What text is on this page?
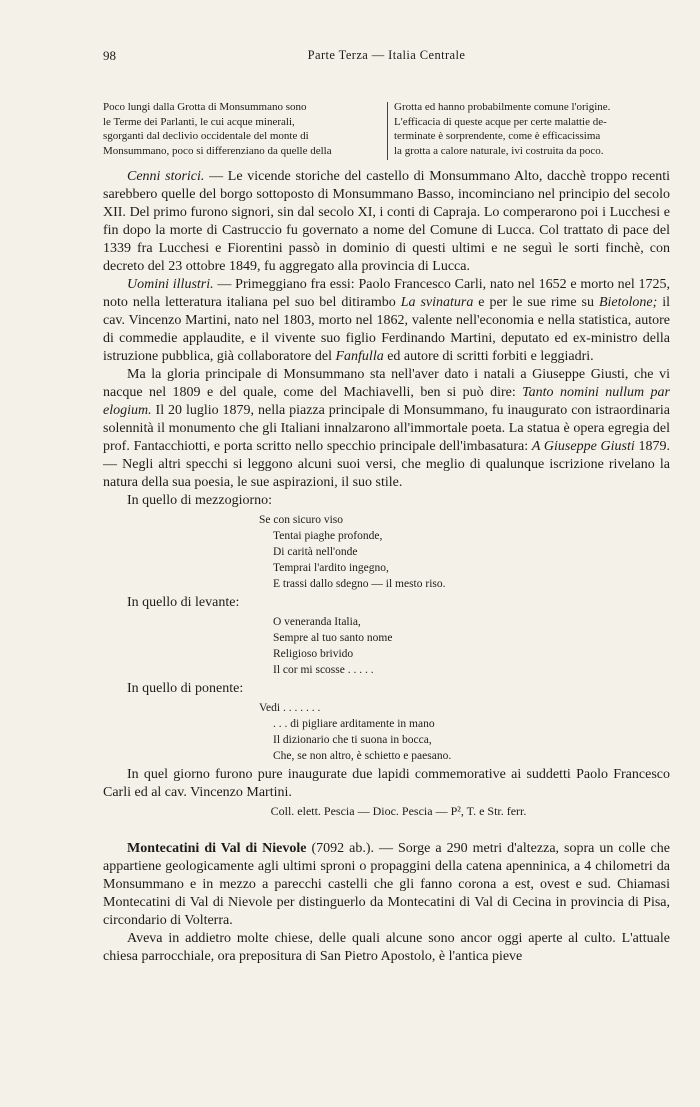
98	Parte Terza — Italia Centrale
Poco lungi dalla Grotta di Monsummano sono
le Terme dei Parlanti, le cui acque minerali,
sgorganti dal declivio occidentale del monte di
Monsummano, poco si differenziano da quelle della
Grotta ed hanno probabilmente comune l'origine.
L'efficacia di queste acque per certe malattie de-
terminate è sorprendente, come è efficacissima
la grotta a calore naturale, ivi costruita da poco.

Cenni storici. — Le vicende storiche del castello di Monsummano Alto, dacchè troppo recenti sarebbero quelle del borgo sottoposto di Monsummano Basso, incominciano nel principio del secolo XII. Del primo furono signori, sin dal secolo XI, i conti di Capraja. Lo comperarono poi i Lucchesi e fin dopo la morte di Castruccio fu governato a nome del Comune di Lucca. Col trattato di pace del 1339 fra Lucchesi e Fiorentini passò in dominio di questi ultimi e ne seguì le sorti finchè, con decreto del 23 ottobre 1849, fu aggregato alla provincia di Lucca.

Uomini illustri. — Primeggiano fra essi: Paolo Francesco Carli, nato nel 1652 e morto nel 1725, noto nella letteratura italiana pel suo bel ditirambo La svinatura e per le sue rime su Bietolone; il cav. Vincenzo Martini, nato nel 1803, morto nel 1862, valente nell'economia e nella statistica, autore di commedie applaudite, e il vivente suo figlio Ferdinando Martini, deputato ed ex-ministro della istruzione pubblica, già collaboratore del Fanfulla ed autore di scritti forbiti e leggiadri.

Ma la gloria principale di Monsummano sta nell'aver dato i natali a Giuseppe Giusti, che vi nacque nel 1809 e del quale, come del Machiavelli, ben si può dire: Tanto nomini nullum par elogium. Il 20 luglio 1879, nella piazza principale di Monsummano, fu inaugurato con istraordinaria solennità il monumento che gli Italiani innalzarono all'immortale poeta. La statua è opera egregia del prof. Fantacchiotti, e porta scritto nello specchio principale dell'imbasatura: A Giuseppe Giusti 1879. — Negli altri specchi si leggono alcuni suoi versi, che meglio di qualunque iscrizione rivelano la natura della sua poesia, le sue aspirazioni, il suo stile.

In quello di mezzogiorno:

Se con sicuro viso
Tentai piaghe profonde,
Di carità nell'onde
Temprai l'ardito ingegno,
E trassi dallo sdegno — il mesto riso.

In quello di levante:

O veneranda Italia,
Sempre al tuo santo nome
Religioso brivido
Il cor mi scosse . . . . .

In quello di ponente:

Vedi . . . . . . .
. . . di pigliare arditamente in mano
Il dizionario che ti suona in bocca,
Che, se non altro, è schietto e paesano.

In quel giorno furono pure inaugurate due lapidi commemorative ai suddetti Paolo Francesco Carli ed al cav. Vincenzo Martini.

Coll. elett. Pescia — Dioc. Pescia — P², T. e Str. ferr.

Montecatini di Val di Nievole (7092 ab.). — Sorge a 290 metri d'altezza, sopra un colle che appartiene geologicamente agli ultimi sproni o propaggini della catena apenninica, a 4 chilometri da Monsummano e in mezzo a parecchi castelli che gli fanno corona a est, ovest e sud. Chiamasi Montecatini di Val di Nievole per distinguerlo da Montecatini di Val di Cecina in provincia di Pisa, circondario di Volterra.

Aveva in addietro molte chiese, delle quali alcune sono ancor oggi aperte al culto. L'attuale chiesa parrocchiale, ora prepositura di San Pietro Apostolo, è l'antica pieve
